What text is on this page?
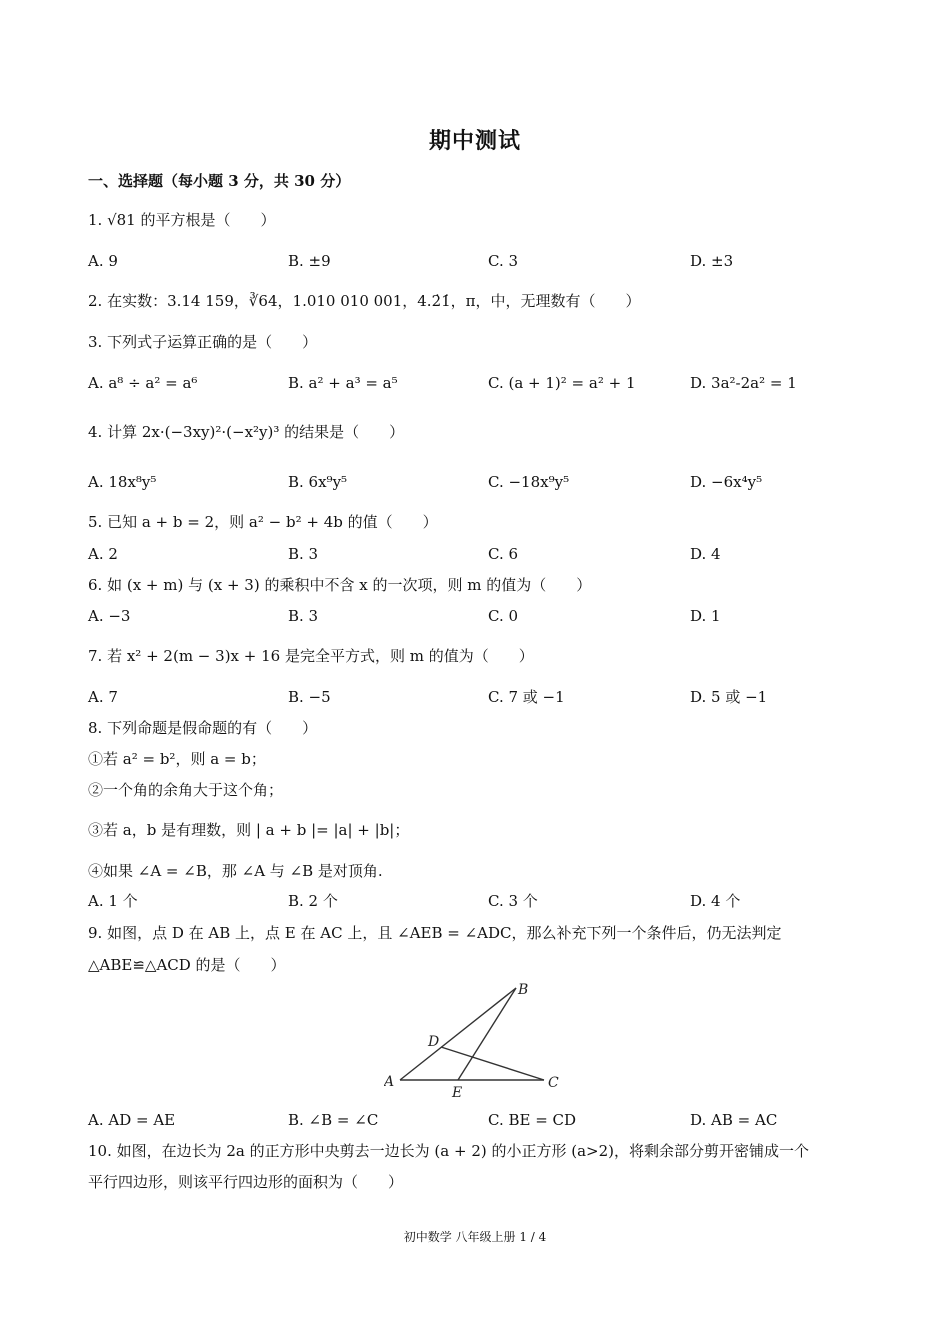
期中测试
一、选择题（每小题 3 分，共 30 分）
1. √81 的平方根是（　　）
A. 9	B. ±9	C. 3	D. ±3
2. 在实数：3.14 159，∛64，1.010 010 001，4.2̇1̇，π，中，无理数有（　　）
3. 下列式子运算正确的是（　　）
A. a⁸ ÷ a² = a⁶	B. a² + a³ = a⁵	C. (a + 1)² = a² + 1	D. 3a²-2a² = 1
4. 计算 2x·(−3xy)²·(−x²y)³ 的结果是（　　）
A. 18x⁸y⁵	B. 6x⁹y⁵	C. −18x⁹y⁵	D. −6x⁴y⁵
5. 已知 a + b = 2，则 a² − b² + 4b 的值（　　）
A. 2	B. 3	C. 6	D. 4
6. 如 (x + m) 与 (x + 3) 的乘积中不含 x 的一次项，则 m 的值为（　　）
A. −3	B. 3	C. 0	D. 1
7. 若 x² + 2(m − 3)x + 16 是完全平方式，则 m 的值为（　　）
A. 7	B. −5	C. 7 或 −1	D. 5 或 −1
8. 下列命题是假命题的有（　　）
①若 a² = b²，则 a = b；
②一个角的余角大于这个角；
③若 a，b 是有理数，则 | a + b |= |a| + |b|；
④如果 ∠A = ∠B，那 ∠A 与 ∠B 是对顶角.
A. 1 个	B. 2 个	C. 3 个	D. 4 个
9. 如图，点 D 在 AB 上，点 E 在 AC 上，且 ∠AEB = ∠ADC，那么补充下列一个条件后，仍无法判定
△ABE≌△ACD 的是（　　）
A
B
C
D
E
A. AD = AE	B. ∠B = ∠C	C. BE = CD	D. AB = AC
10. 如图，在边长为 2a 的正方形中央剪去一边长为 (a + 2) 的小正方形 (a>2)，将剩余部分剪开密铺成一个
平行四边形，则该平行四边形的面积为（　　）
初中数学 八年级上册 1 / 4
